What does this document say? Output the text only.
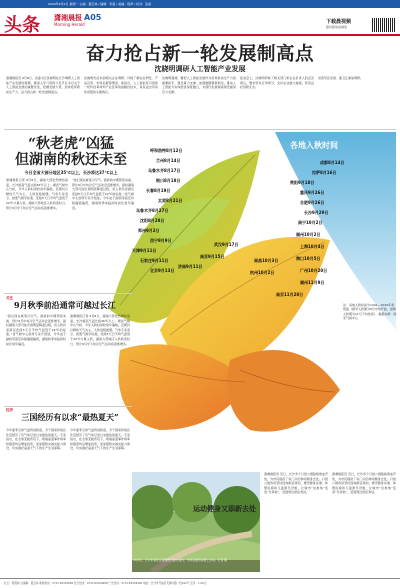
2024年9月9日 星期一 主编：夏宝林 / 编辑：李超 / 美编：程梦 / 校对：张丽
头条 潇湘晨报
Morning Herald
A05	下载晨视频
随时随地看湖南
奋力抢占新一轮发展制高点
沈晓明调研人工智能产业发展
潇湘晨报讯 9月8日，省委书记沈晓明在长沙调研人工智能产业发展时强调，要深入学习贯彻习近平总书记关于人工智能发展的重要论述，把握发展大势，加快培育新质生产力，奋力抢占新一轮发展制高点。
沈晓明先后来到相关企业调研，详细了解企业研发、产品应用、市场拓展等情况。他指出，人工智能是引领新一轮科技革命和产业变革的战略性技术，具有溢出带动性很强的头雁效应。
沈晓明强调，要把人工智能发展作为培育新质生产力的重要抓手，强化算力支撑，加强数据要素供给，推动人工智能与实体经济深度融合，为现代化新湖南建设提供有力支撑。
座谈会上，沈晓明听取了相关部门和企业负责人的意见建议，要求坚持应用牵引，支持企业做大做强，营造良好创新生态。
省领导张宏森、谢卫江参加调研。
“秋老虎”凶猛
但湖南的秋还未至
今日全省大部分地区35℃以上，长沙将达37℃以上
各地入秋时间
潇湘晨报记者 9月8日，湖南大部依然晴热高温，长沙最高气温达到36℃以上。据省气候中心分析，今年入秋时间较常年偏晚，近期仍以晴热天气为主，入秋进程缓慢。气象专家表示，按照气候学标准，连续5天日平均气温低于22℃才算入秋，湖南大部地区入秋尚需时日，预计9月中下旬冷空气活动将逐渐增多。
“我们现在就等冷空气。最新的中期预报来看，预计9月中旬冷空气活动会逐渐增多，届时湖南大部可能出现明显降温过程，但入秋仍需满足连续5天日平均气温低于22℃的标准。”省气候中心首席专家介绍说，今年由于副热带高压持续偏强偏西，湖南秋季来临的时间比常年偏迟。
呼和浩特8月12日
兰州8月14日
乌鲁木齐8月17日
银川8月18日
长春8月19日
太原8月21日
乌鲁木齐8月27日
沈阳8月28日
郑州9月2日
西宁9月9日
天津9月11日
石家庄9月11日
北京9月13日
济南9月11日
南京9月15日
武汉9月17日
杭州10月2日
南昌10月3日
成都8月14日
拉萨8月16日
贵阳9月18日
重庆9月26日
合肥9月26日
长沙9月29日
南宁10月2日
福州10月2日
上海10月4日
海口10月5日
广州10月20日
福州11月9日
南京11月28日
注：各地入秋时间为1991—2020年常规值（最早入秋期为8月中旬开始，最晚入秋期为11月下旬结束）。数据来源：国家气候中心
关注
9月秋季前沿通常可越过长江
“我们现在就等冷空气。最新的中期预报来看，预计9月中旬冷空气活动会逐渐增多，届时湖南大部可能出现明显降温过程，但入秋仍需满足连续5天日平均气温低于22℃的标准。”省气候中心首席专家介绍说，今年由于副热带高压持续偏强偏西，湖南秋季来临的时间比常年偏迟。
潇湘晨报记者 9月8日，湖南大部依然晴热高温，长沙最高气温达到36℃以上。据省气候中心分析，今年入秋时间较常年偏晚，近期仍以晴热天气为主，入秋进程缓慢。气象专家表示，按照气候学标准，连续5天日平均气温低于22℃才算入秋，湖南大部地区入秋尚需时日，预计9月中下旬冷空气活动将逐渐增多。
经济
三国经历有以求“最热夏天”
今年夏季全球气温再创新高，多个国家和地区先后经历了有气象记录以来最热的夏天。专家指出，在全球变暖背景下，极端高温事件频率和强度均呈增加趋势，需加强防灾减灾能力建设，切实做好高温天气下的生产生活保障。
今年夏季全球气温再创新高，多个国家和地区先后经历了有气象记录以来最热的夏天。专家指出，在全球变暖背景下，极端高温事件频率和强度均呈增加趋势，需加强防灾减灾能力建设，切实做好高温天气下的生产生活保障。
运动健身又添新去处
9月8日，长沙市某社区新建的口袋公园内，市民在健身步道上运动。记者 摄
潇湘晨报讯 近日，长沙多个口袋公园陆续建成开放，为市民提供了家门口的休闲健身去处。口袋公园改造坚持因地制宜原则，增设健身步道、休憩座椅和儿童游乐设施，让城市“边角地”变身“乐享地”，受到周边居民欢迎。
潇湘晨报讯 近日，长沙多个口袋公园陆续建成开放，为市民提供了家门口的休闲健身去处。口袋公园改造坚持因地制宜原则，增设健身步道、休憩座椅和儿童游乐设施，让城市“边角地”变身“乐享地”，受到周边居民欢迎。
社长：陈国林 总编辑：夏宝林 新闻热线：0731-84329999 发行热线：0731-84329988 广告热线：0731-84329900 地址：长沙市开福区芙蓉中路一段442号 定价：1.00元
